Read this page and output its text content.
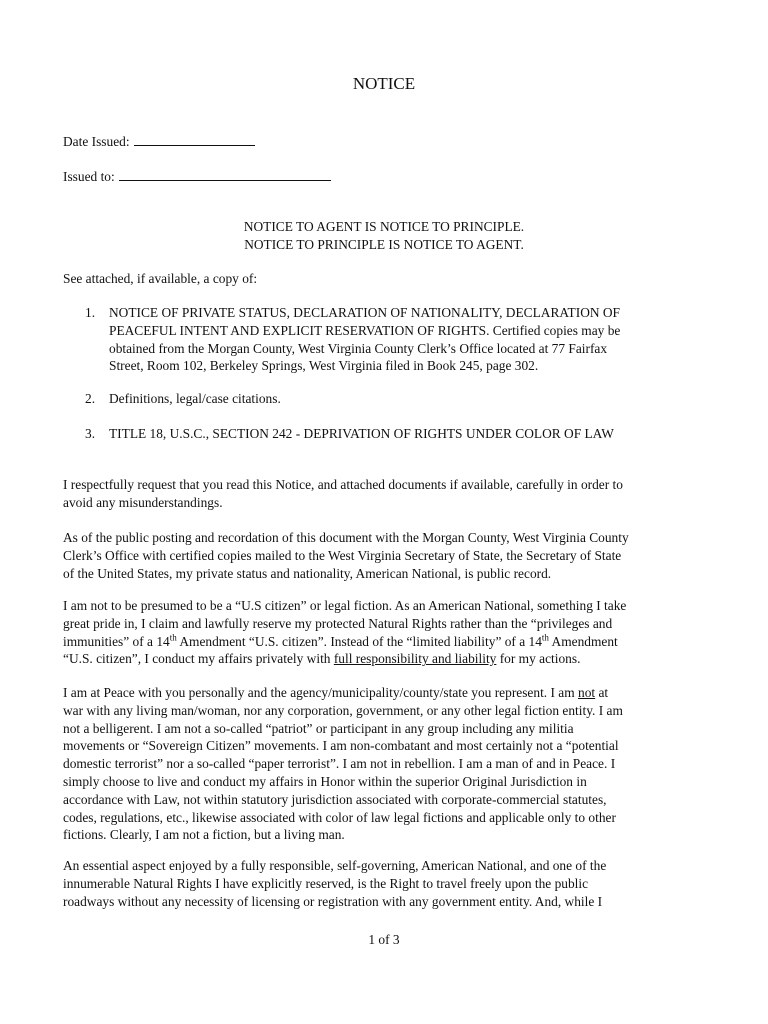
NOTICE
Date Issued:
Issued to:
NOTICE TO AGENT IS NOTICE TO PRINCIPLE.
NOTICE TO PRINCIPLE IS NOTICE TO AGENT.
See attached, if available, a copy of:
1. NOTICE OF PRIVATE STATUS, DECLARATION OF NATIONALITY, DECLARATION OF
PEACEFUL INTENT AND EXPLICIT RESERVATION OF RIGHTS. Certified copies may be
obtained from the Morgan County, West Virginia County Clerk’s Office located at 77 Fairfax
Street, Room 102, Berkeley Springs, West Virginia filed in Book 245, page 302.
2. Definitions, legal/case citations.
3. TITLE 18, U.S.C., SECTION 242 - DEPRIVATION OF RIGHTS UNDER COLOR OF LAW
I respectfully request that you read this Notice, and attached documents if available, carefully in order to
avoid any misunderstandings.
As of the public posting and recordation of this document with the Morgan County, West Virginia County
Clerk’s Office with certified copies mailed to the West Virginia Secretary of State, the Secretary of State
of the United States, my private status and nationality, American National, is public record.
I am not to be presumed to be a “U.S citizen” or legal fiction. As an American National, something I take
great pride in, I claim and lawfully reserve my protected Natural Rights rather than the “privileges and
immunities” of a 14th Amendment “U.S. citizen”. Instead of the “limited liability” of a 14th Amendment
“U.S. citizen”, I conduct my affairs privately with full responsibility and liability for my actions.
I am at Peace with you personally and the agency/municipality/county/state you represent. I am not at
war with any living man/woman, nor any corporation, government, or any other legal fiction entity. I am
not a belligerent. I am not a so-called “patriot” or participant in any group including any militia
movements or “Sovereign Citizen” movements. I am non-combatant and most certainly not a “potential
domestic terrorist” nor a so-called “paper terrorist”. I am not in rebellion. I am a man of and in Peace. I
simply choose to live and conduct my affairs in Honor within the superior Original Jurisdiction in
accordance with Law, not within statutory jurisdiction associated with corporate-commercial statutes,
codes, regulations, etc., likewise associated with color of law legal fictions and applicable only to other
fictions. Clearly, I am not a fiction, but a living man.
An essential aspect enjoyed by a fully responsible, self-governing, American National, and one of the
innumerable Natural Rights I have explicitly reserved, is the Right to travel freely upon the public
roadways without any necessity of licensing or registration with any government entity. And, while I
1 of 3
